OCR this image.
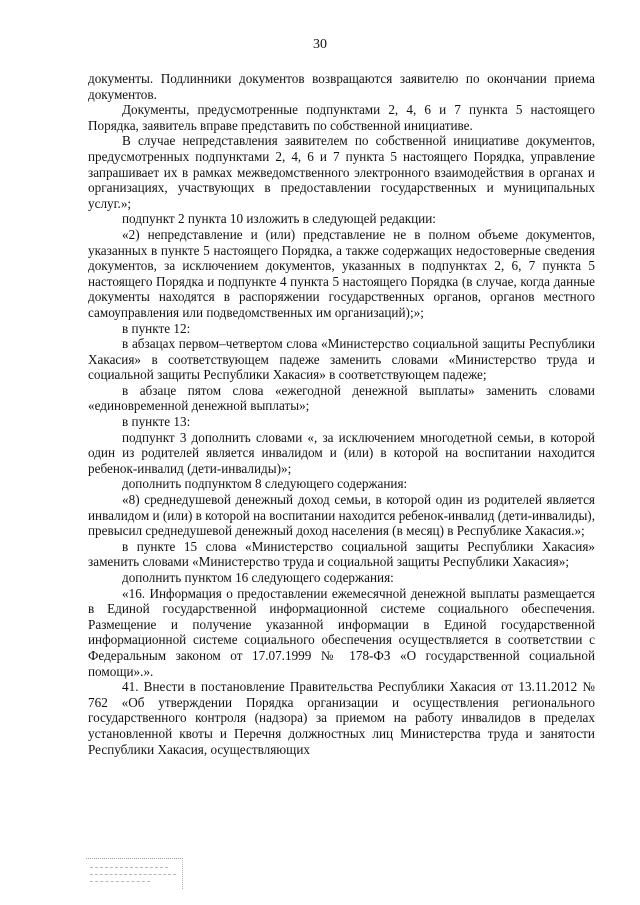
30

документы. Подлинники документов возвращаются заявителю по окончании приема документов.

Документы, предусмотренные подпунктами 2, 4, 6 и 7 пункта 5 настоящего Порядка, заявитель вправе представить по собственной инициативе.

В случае непредставления заявителем по собственной инициативе документов, предусмотренных подпунктами 2, 4, 6 и 7 пункта 5 настоящего Порядка, управление запрашивает их в рамках межведомственного электронного взаимодействия в органах и организациях, участвующих в предоставлении государственных и муниципальных услуг.»;

подпункт 2 пункта 10 изложить в следующей редакции:

«2) непредставление и (или) представление не в полном объеме документов, указанных в пункте 5 настоящего Порядка, а также содержащих недостоверные сведения документов, за исключением документов, указанных в подпунктах 2, 6, 7 пункта 5 настоящего Порядка и подпункте 4 пункта 5 настоящего Порядка (в случае, когда данные документы находятся в распоряжении государственных органов, органов местного самоуправления или подведомственных им организаций);»;

в пункте 12:

в абзацах первом–четвертом слова «Министерство социальной защиты Республики Хакасия» в соответствующем падеже заменить словами «Министерство труда и социальной защиты Республики Хакасия» в соответствующем падеже;

в абзаце пятом слова «ежегодной денежной выплаты» заменить словами «единовременной денежной выплаты»;

в пункте 13:

подпункт 3 дополнить словами «, за исключением многодетной семьи, в которой один из родителей является инвалидом и (или) в которой на воспитании находится ребенок-инвалид (дети-инвалиды)»;

дополнить подпунктом 8 следующего содержания:

«8) среднедушевой денежный доход семьи, в которой один из родителей является инвалидом и (или) в которой на воспитании находится ребенок-инвалид (дети-инвалиды), превысил среднедушевой денежный доход населения (в месяц) в Республике Хакасия.»;

в пункте 15 слова «Министерство социальной защиты Республики Хакасия» заменить словами «Министерство труда и социальной защиты Республики Хакасия»;

дополнить пунктом 16 следующего содержания:

«16. Информация о предоставлении ежемесячной денежной выплаты размещается в Единой государственной информационной системе социального обеспечения. Размещение и получение указанной информации в Единой государственной информационной системе социального обеспечения осуществляется в соответствии с Федеральным законом от 17.07.1999 № 178-ФЗ «О государственной социальной помощи».».

41. Внести в постановление Правительства Республики Хакасия от 13.11.2012 № 762 «Об утверждении Порядка организации и осуществления регионального государственного контроля (надзора) за приемом на работу инвалидов в пределах установленной квоты и Перечня должностных лиц Министерства труда и занятости Республики Хакасия, осуществляющих
